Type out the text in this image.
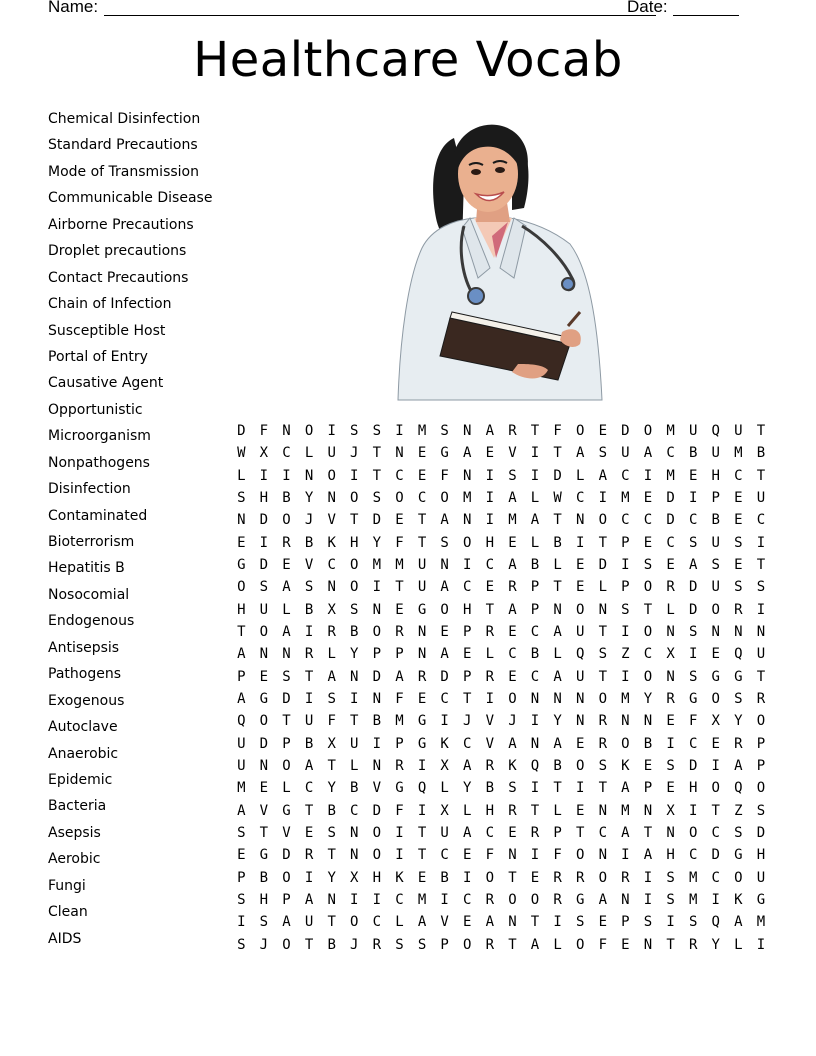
Name:	Date:
Healthcare Vocab
Chemical Disinfection
Standard Precautions
Mode of Transmission
Communicable Disease
Airborne Precautions
Droplet precautions
Contact Precautions
Chain of Infection
Susceptible Host
Portal of Entry
Causative Agent
Opportunistic
Microorganism
Nonpathogens
Disinfection
Contaminated
Bioterrorism
Hepatitis B
Nosocomial
Endogenous
Antisepsis
Pathogens
Exogenous
Autoclave
Anaerobic
Epidemic
Bacteria
Asepsis
Aerobic
Fungi
Clean
AIDS
D	F	N	O	I	S	S	I	M	S	N	A	R	T	F	O	E	D	O	M	U	Q	U	T
W	X	C	L	U	J	T	N	E	G	A	E	V	I	T	A	S	U	A	C	B	U	M	B
L	I	I	N	O	I	T	C	E	F	N	I	S	I	D	L	A	C	I	M	E	H	C	T
S	H	B	Y	N	O	S	O	C	O	M	I	A	L	W	C	I	M	E	D	I	P	E	U
N	D	O	J	V	T	D	E	T	A	N	I	M	A	T	N	O	C	C	D	C	B	E	C
E	I	R	B	K	H	Y	F	T	S	O	H	E	L	B	I	T	P	E	C	S	U	S	I
G	D	E	V	C	O	M	M	U	N	I	C	A	B	L	E	D	I	S	E	A	S	E	T
O	S	A	S	N	O	I	T	U	A	C	E	R	P	T	E	L	P	O	R	D	U	S	S
H	U	L	B	X	S	N	E	G	O	H	T	A	P	N	O	N	S	T	L	D	O	R	I
T	O	A	I	R	B	O	R	N	E	P	R	E	C	A	U	T	I	O	N	S	N	N	N
A	N	N	R	L	Y	P	P	N	A	E	L	C	B	L	Q	S	Z	C	X	I	E	Q	U
P	E	S	T	A	N	D	A	R	D	P	R	E	C	A	U	T	I	O	N	S	G	G	T
A	G	D	I	S	I	N	F	E	C	T	I	O	N	N	N	O	M	Y	R	G	O	S	R
Q	O	T	U	F	T	B	M	G	I	J	V	J	I	Y	N	R	N	N	E	F	X	Y	O
U	D	P	B	X	U	I	P	G	K	C	V	A	N	A	E	R	O	B	I	C	E	R	P
U	N	O	A	T	L	N	R	I	X	A	R	K	Q	B	O	S	K	E	S	D	I	A	P
M	E	L	C	Y	B	V	G	Q	L	Y	B	S	I	T	I	T	A	P	E	H	O	Q	O
A	V	G	T	B	C	D	F	I	X	L	H	R	T	L	E	N	M	N	X	I	T	Z	S
S	T	V	E	S	N	O	I	T	U	A	C	E	R	P	T	C	A	T	N	O	C	S	D
E	G	D	R	T	N	O	I	T	C	E	F	N	I	F	O	N	I	A	H	C	D	G	H
P	B	O	I	Y	X	H	K	E	B	I	O	T	E	R	R	O	R	I	S	M	C	O	U
S	H	P	A	N	I	I	C	M	I	C	R	O	O	R	G	A	N	I	S	M	I	K	G
I	S	A	U	T	O	C	L	A	V	E	A	N	T	I	S	E	P	S	I	S	Q	A	M
S	J	O	T	B	J	R	S	S	P	O	R	T	A	L	O	F	E	N	T	R	Y	L	I
